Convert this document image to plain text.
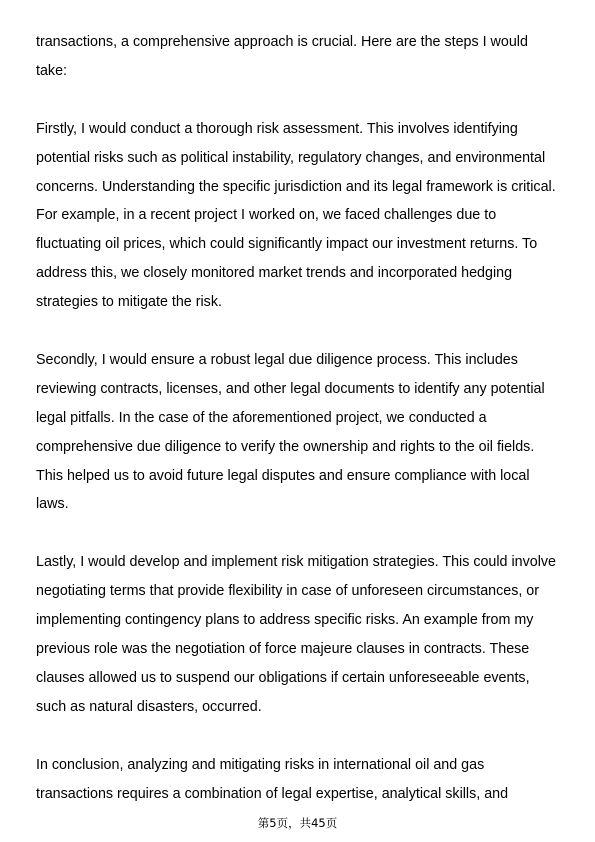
transactions, a comprehensive approach is crucial. Here are the steps I would
take:

Firstly, I would conduct a thorough risk assessment. This involves identifying
potential risks such as political instability, regulatory changes, and environmental
concerns. Understanding the specific jurisdiction and its legal framework is critical.
For example, in a recent project I worked on, we faced challenges due to
fluctuating oil prices, which could significantly impact our investment returns. To
address this, we closely monitored market trends and incorporated hedging
strategies to mitigate the risk.

Secondly, I would ensure a robust legal due diligence process. This includes
reviewing contracts, licenses, and other legal documents to identify any potential
legal pitfalls. In the case of the aforementioned project, we conducted a
comprehensive due diligence to verify the ownership and rights to the oil fields.
This helped us to avoid future legal disputes and ensure compliance with local
laws.

Lastly, I would develop and implement risk mitigation strategies. This could involve
negotiating terms that provide flexibility in case of unforeseen circumstances, or
implementing contingency plans to address specific risks. An example from my
previous role was the negotiation of force majeure clauses in contracts. These
clauses allowed us to suspend our obligations if certain unforeseeable events,
such as natural disasters, occurred.

In conclusion, analyzing and mitigating risks in international oil and gas
transactions requires a combination of legal expertise, analytical skills, and

第5页，共45页
